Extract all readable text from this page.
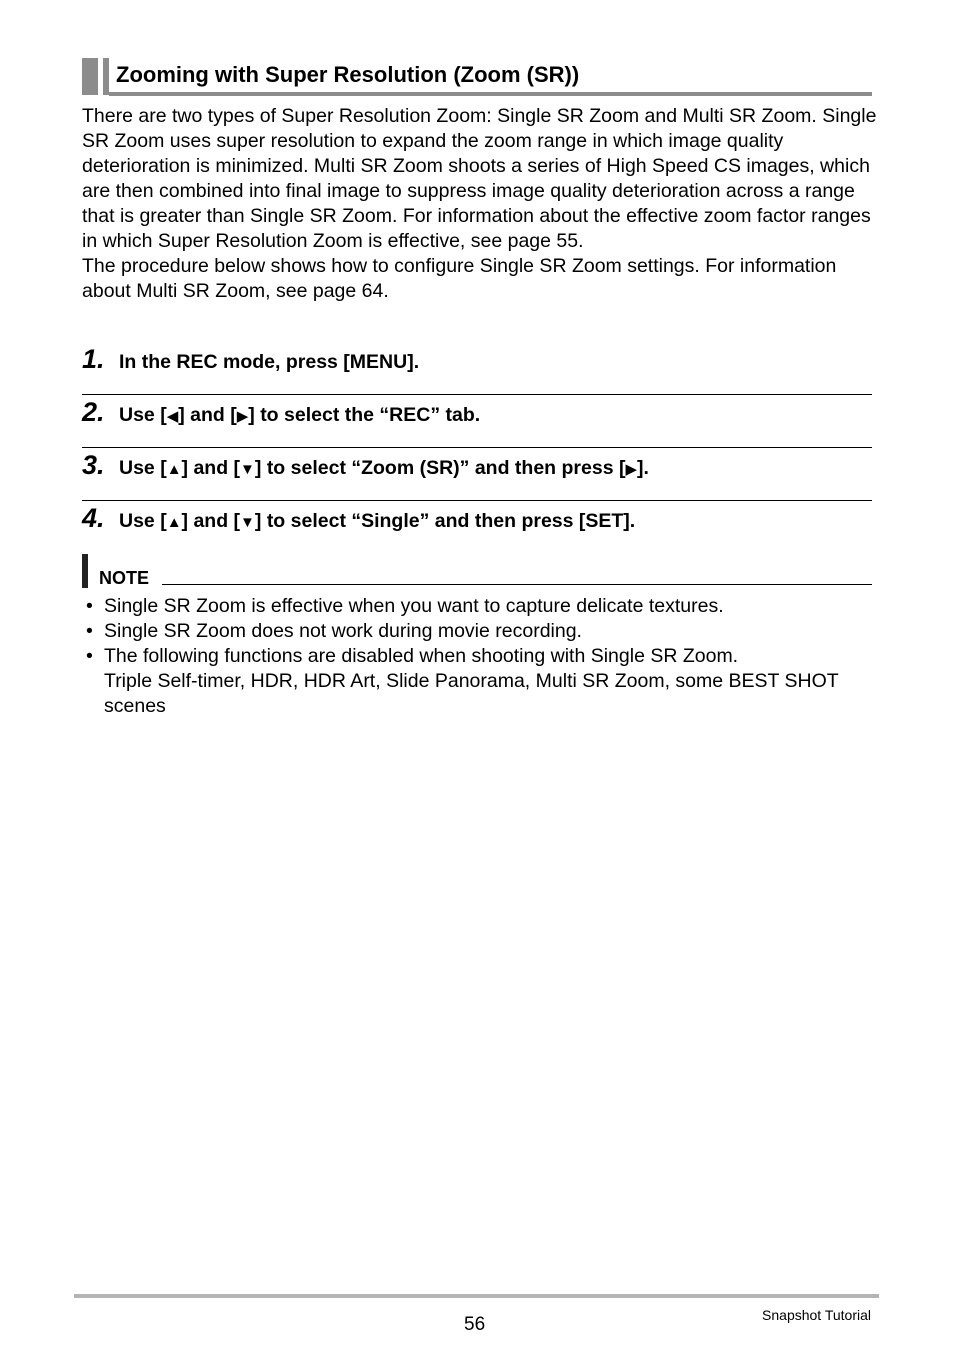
Zooming with Super Resolution (Zoom (SR))

There are two types of Super Resolution Zoom: Single SR Zoom and Multi SR Zoom. Single SR Zoom uses super resolution to expand the zoom range in which image quality deterioration is minimized. Multi SR Zoom shoots a series of High Speed CS images, which are then combined into final image to suppress image quality deterioration across a range that is greater than Single SR Zoom. For information about the effective zoom factor ranges in which Super Resolution Zoom is effective, see page 55.

The procedure below shows how to configure Single SR Zoom settings. For information about Multi SR Zoom, see page 64.

1. In the REC mode, press [MENU].
2. Use [◀] and [▶] to select the “REC” tab.
3. Use [▲] and [▼] to select “Zoom (SR)” and then press [▶].
4. Use [▲] and [▼] to select “Single” and then press [SET].
NOTE
• Single SR Zoom is effective when you want to capture delicate textures.
• Single SR Zoom does not work during movie recording.
• The following functions are disabled when shooting with Single SR Zoom.
Triple Self-timer, HDR, HDR Art, Slide Panorama, Multi SR Zoom, some BEST SHOT scenes
56	Snapshot Tutorial
